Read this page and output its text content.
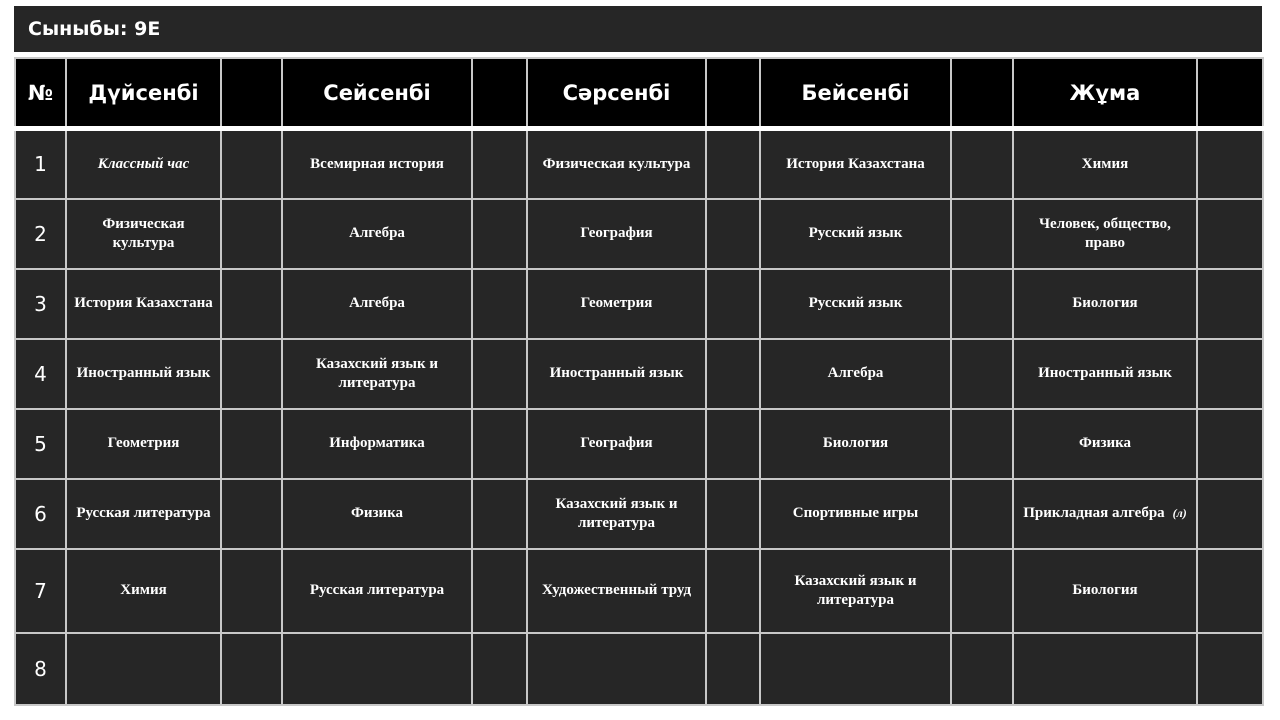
Сыныбы: 9E
№	Дүйсенбі		Сейсенбі		Сәрсенбі		Бейсенбі		Жұма	
1	Классный час		Всемирная история		Физическая культура		История Казахстана		Химия	
2	Физическая культура		Алгебра		География		Русский язык		Человек, общество, право	
3	История Казахстана		Алгебра		Геометрия		Русский язык		Биология	
4	Иностранный язык		Казахский язык и литература		Иностранный язык		Алгебра		Иностранный язык	
5	Геометрия		Информатика		География		Биология		Физика	
6	Русская литература		Физика		Казахский язык и литература		Спортивные игры		Прикладная алгебра (л)	
7	Химия		Русская литература		Художественный труд		Казахский язык и литература		Биология	
8										
